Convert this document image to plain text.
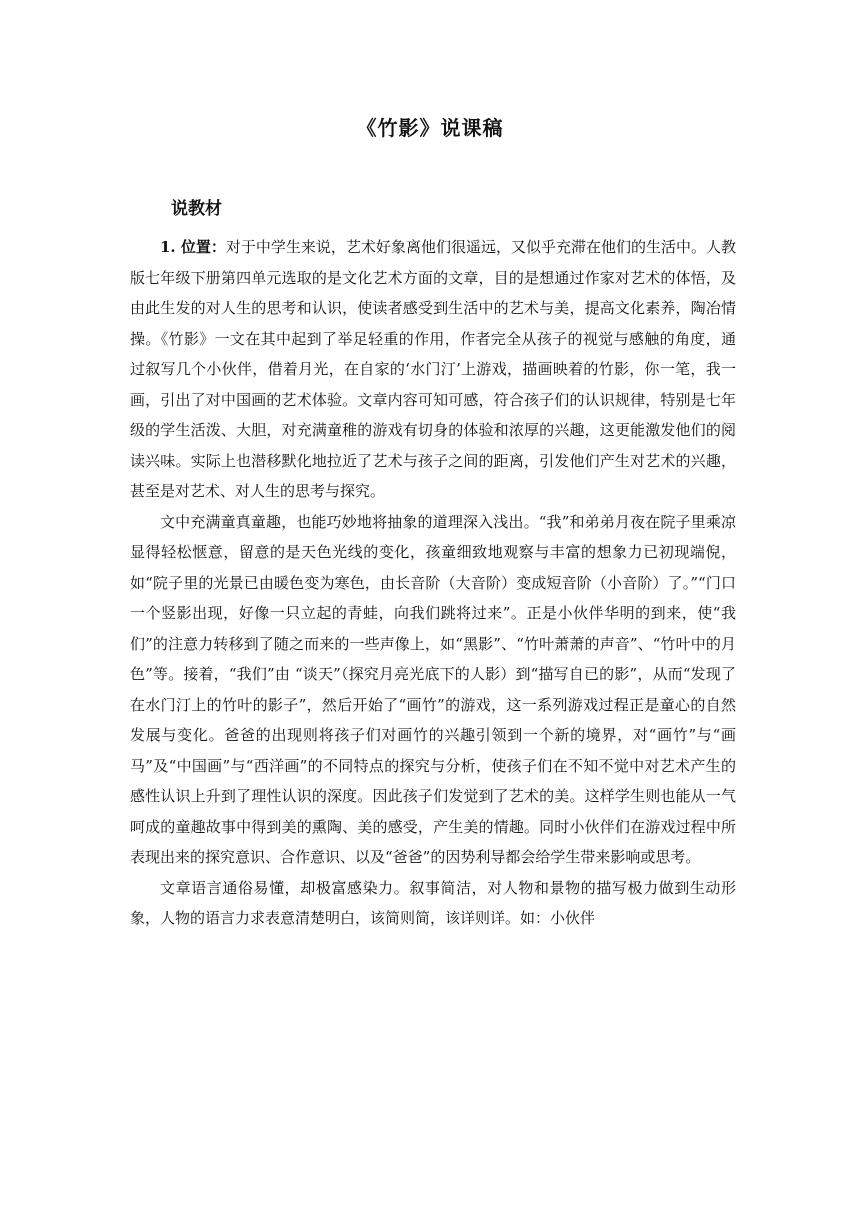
《竹影》说课稿
说教材

1. 位置：对于中学生来说，艺术好象离他们很遥远，又似乎充滞在他们的生活中。人教版七年级下册第四单元选取的是文化艺术方面的文章，目的是想通过作家对艺术的体悟，及由此生发的对人生的思考和认识，使读者感受到生活中的艺术与美，提高文化素养，陶冶情操。《竹影》一文在其中起到了举足轻重的作用，作者完全从孩子的视觉与感触的角度，通过叙写几个小伙伴，借着月光，在自家的‘水门汀’上游戏，描画映着的竹影，你一笔，我一画，引出了对中国画的艺术体验。文章内容可知可感，符合孩子们的认识规律，特别是七年级的学生活泼、大胆，对充满童稚的游戏有切身的体验和浓厚的兴趣，这更能激发他们的阅读兴味。实际上也潜移默化地拉近了艺术与孩子之间的距离，引发他们产生对艺术的兴趣，甚至是对艺术、对人生的思考与探究。

文中充满童真童趣，也能巧妙地将抽象的道理深入浅出。“我”和弟弟月夜在院子里乘凉显得轻松惬意，留意的是天色光线的变化，孩童细致地观察与丰富的想象力已初现端倪，如“院子里的光景已由暖色变为寒色，由长音阶（大音阶）变成短音阶（小音阶）了。”“门口一个竖影出现，好像一只立起的青蛙，向我们跳将过来”。正是小伙伴华明的到来，使“我们”的注意力转移到了随之而来的一些声像上，如“黑影”、“竹叶萧萧的声音”、“竹叶中的月色”等。接着，“我们”由 “谈天”（探究月亮光底下的人影）到“描写自已的影”，从而“发现了在水门汀上的竹叶的影子”，然后开始了“画竹”的游戏，这一系列游戏过程正是童心的自然发展与变化。爸爸的出现则将孩子们对画竹的兴趣引领到一个新的境界，对“画竹”与“画马”及“中国画”与“西洋画”的不同特点的探究与分析，使孩子们在不知不觉中对艺术产生的感性认识上升到了理性认识的深度。因此孩子们发觉到了艺术的美。这样学生则也能从一气呵成的童趣故事中得到美的熏陶、美的感受，产生美的情趣。同时小伙伴们在游戏过程中所表现出来的探究意识、合作意识、以及“爸爸”的因势利导都会给学生带来影响或思考。

文章语言通俗易懂，却极富感染力。叙事简洁，对人物和景物的描写极力做到生动形象，人物的语言力求表意清楚明白，该简则简，该详则详。如：小伙伴
